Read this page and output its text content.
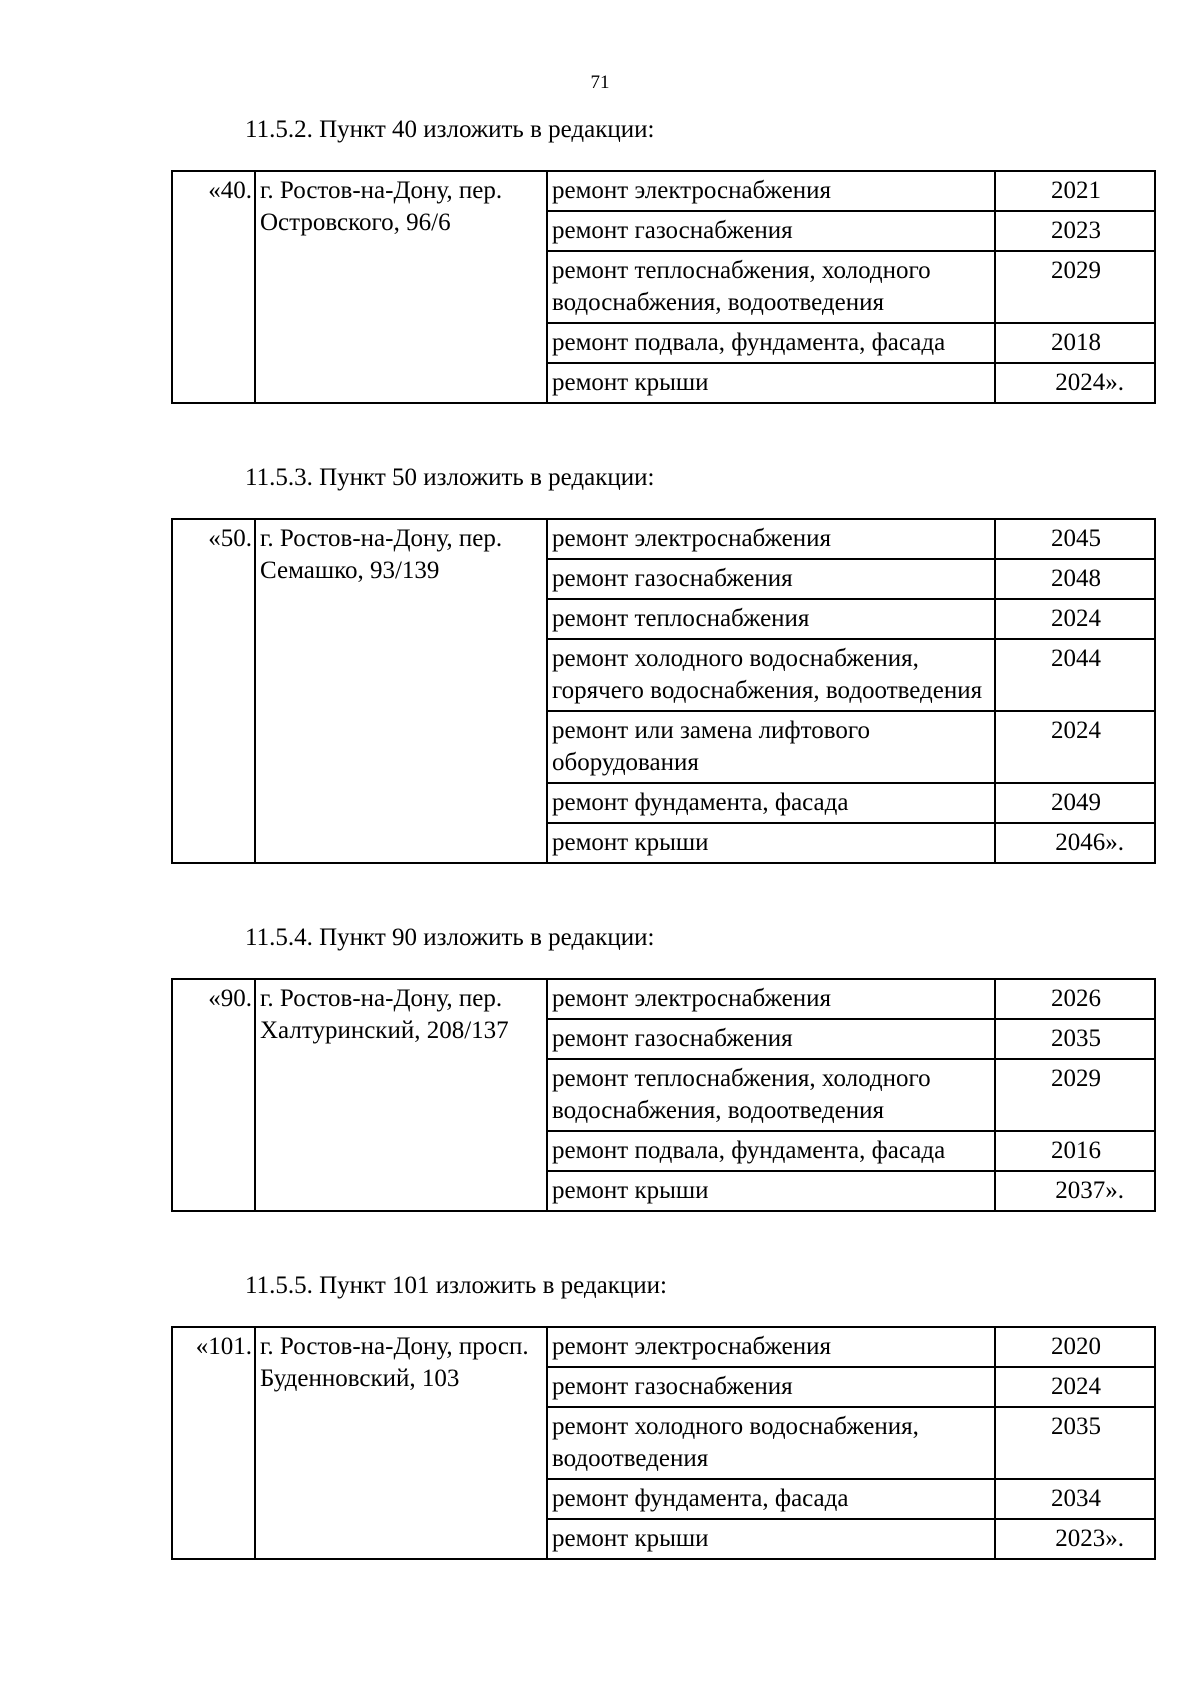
71
11.5.2. Пункт 40 изложить в редакции:
«40.	г. Ростов-на-Дону, пер. Островского, 96/6	ремонт электроснабжения	2021
		ремонт газоснабжения	2023
		ремонт теплоснабжения, холодного водоснабжения, водоотведения	2029
		ремонт подвала, фундамента, фасада	2018
		ремонт крыши	2024».
11.5.3. Пункт 50 изложить в редакции:
«50.	г. Ростов-на-Дону, пер. Семашко, 93/139	ремонт электроснабжения	2045
		ремонт газоснабжения	2048
		ремонт теплоснабжения	2024
		ремонт холодного водоснабжения, горячего водоснабжения, водоотведения	2044
		ремонт или замена лифтового оборудования	2024
		ремонт фундамента, фасада	2049
		ремонт крыши	2046».
11.5.4. Пункт 90 изложить в редакции:
«90.	г. Ростов-на-Дону, пер. Халтуринский, 208/137	ремонт электроснабжения	2026
		ремонт газоснабжения	2035
		ремонт теплоснабжения, холодного водоснабжения, водоотведения	2029
		ремонт подвала, фундамента, фасада	2016
		ремонт крыши	2037».
11.5.5. Пункт 101 изложить в редакции:
«101.	г. Ростов-на-Дону, просп. Буденновский, 103	ремонт электроснабжения	2020
		ремонт газоснабжения	2024
		ремонт холодного водоснабжения, водоотведения	2035
		ремонт фундамента, фасада	2034
		ремонт крыши	2023».
